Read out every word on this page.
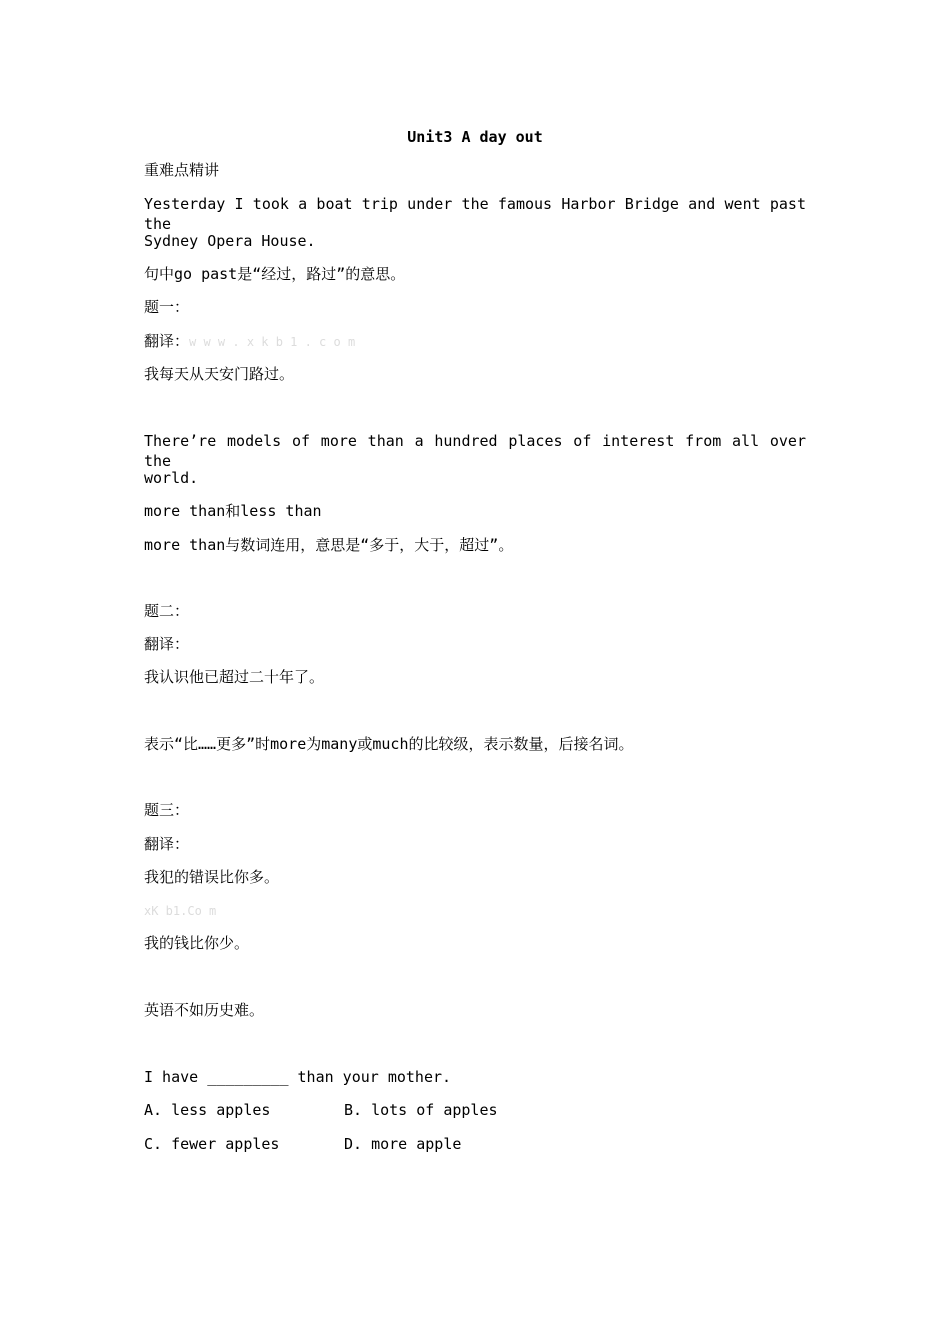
Unit3 A day out
重难点精讲
Yesterday I took a boat trip under the famous Harbor Bridge and went past the
Sydney Opera House.
句中go past是“经过，路过”的意思。
题一：
翻译：w w w . x k b 1 . c o m
我每天从天安门路过。
There’re models of more than a hundred places of interest from all over the
world.
more than和less than
more than与数词连用，意思是“多于，大于，超过”。
题二：
翻译：
我认识他已超过二十年了。
表示“比……更多”时more为many或much的比较级，表示数量，后接名词。
题三：
翻译：
我犯的错误比你多。
xK b1.Co m
我的钱比你少。
英语不如历史难。
I have _________ than your mother.
A. less apples	B. lots of apples
C. fewer apples	D. more apple
